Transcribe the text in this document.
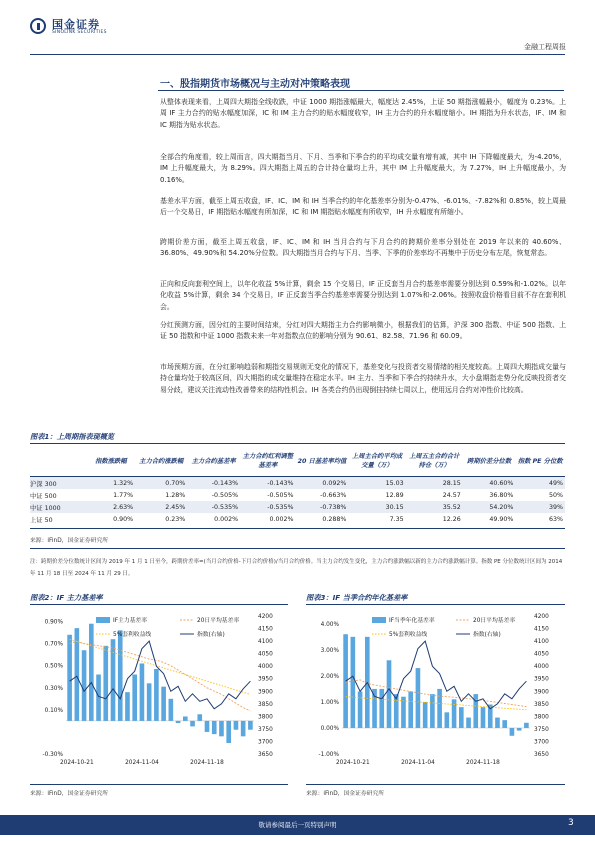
国金证券
SINOLINK SECURITIES
金融工程周报
一、股指期货市场概况与主动对冲策略表现
从整体表现来看，上周四大期指全线收跌，中证 1000 期指涨幅最大，幅度达 2.45%，上证 50 期指涨幅最小，幅度为 0.23%。上周 IF 主力合约的贴水幅度加深，IC 和 IM 主力合约的贴水幅度收窄，IH 主力合约的升水幅度缩小。IH 期指为升水状态，IF、IM 和 IC 期指为贴水状态。
全部合约角度看，较上周而言，四大期指当月、下月、当季和下季合约的平均成交量有增有减，其中 IH 下降幅度最大，为-4.20%，IM 上升幅度最大，为 8.29%。四大期指上周五的合计持仓量均上升，其中 IM 上升幅度最大，为 7.27%，IH 上升幅度最小，为 0.16%。
基差水平方面，截至上周五收盘，IF、IC、IM 和 IH 当季合约的年化基差率分别为-0.47%、-6.01%、-7.82%和 0.85%，较上周最后一个交易日，IF 期指贴水幅度有所加深，IC 和 IM 期指贴水幅度有所收窄，IH 升水幅度有所缩小。
跨期价差方面，截至上周五收盘，IF、IC、IM 和 IH 当月合约与下月合约的跨期价差率分别处在 2019 年以来的 40.60%、36.80%、49.90%和 54.20%分位数。四大期指当月合约与下月、当季、下季的价差率均不再集中于历史分布左尾，恢复常态。
正向和反向套利空间上，以年化收益 5%计算，剩余 15 个交易日，IF 正反套当月合约基差率需要分别达到 0.59%和-1.02%。以年化收益 5%计算，剩余 34 个交易日，IF 正反套当季合约基差率需要分别达到 1.07%和-2.06%。按照收盘价格看目前不存在套利机会。
分红预测方面，因分红的主要时间结束，分红对四大期指主力合约影响微小，根据我们的估算，沪深 300 指数、中证 500 指数、上证 50 指数和中证 1000 指数未来一年对指数点位的影响分别为 90.61、82.58、71.96 和 60.09。
市场预期方面，在分红影响趋弱和期指交易规则无变化的情况下，基差变化与投资者交易情绪的相关度较高。上周四大期指成交量与持仓量均处于较高区间，四大期指的成交量维持在稳定水平。IH 主力、当季和下季合约持续升水，大小盘期指走势分化反映投资者交易分歧，建议关注流动性改善带来的结构性机会。IH 各类合约仍出现倒挂持续七周以上，使用远月合约对冲性价比较高。
图表1：上周期指表现概览
	指数涨跌幅	主力合约涨跌幅	主力合约基差率	主力合约红利调整基差率	20 日基差率均值	上周主合约平均成交量（万）	上周五主合约合计持仓（万）	跨期价差分位数	指数 PE 分位数
沪深 300	1.32%	0.70%	-0.143%	-0.143%	0.092%	15.03	28.15	40.60%	49%
中证 500	1.77%	1.28%	-0.505%	-0.505%	-0.663%	12.89	24.57	36.80%	50%
中证 1000	2.63%	2.45%	-0.535%	-0.535%	-0.738%	30.15	35.52	54.20%	39%
上证 50	0.90%	0.23%	0.002%	0.002%	0.288%	7.35	12.26	49.90%	63%
来源：iFinD，国金证券研究所
注：跨期价差分位数统计区间为 2019 年 1 月 1 日至今，跨期价差率=(当月合约价格-下月合约价格)/当月合约价格。当主力合约发生变化，主力合约涨跌幅以新的主力合约涨跌幅计算。指数 PE 分位数统计区间为 2014 年 11 月 18 日至 2024 年 11 月 29 日。
图表2：IF 主力基差率
-0.30%
0.10%
0.30%
0.50%
0.70%
0.90%
3650
3700
3750
3800
3850
3900
3950
4000
4050
4100
4150
4200
2024-10-21	2024-11-04	2024-11-18
IF主力基差率	20日平均基差率
5%套利收益线	指数(右轴)
来源：iFinD，国金证券研究所
图表3：IF 当季合约年化基差率
-1.00%
0.00%
1.00%
2.00%
3.00%
4.00%
3650
3700
3750
3800
3850
3900
3950
4000
4050
4100
4150
4200
2024-10-21	2024-11-04	2024-11-18
IF当季年化基差率	20日平均基差率
5%套利收益线	指数(右轴)
来源：iFinD，国金证券研究所
敬请参阅最后一页特别声明	3
